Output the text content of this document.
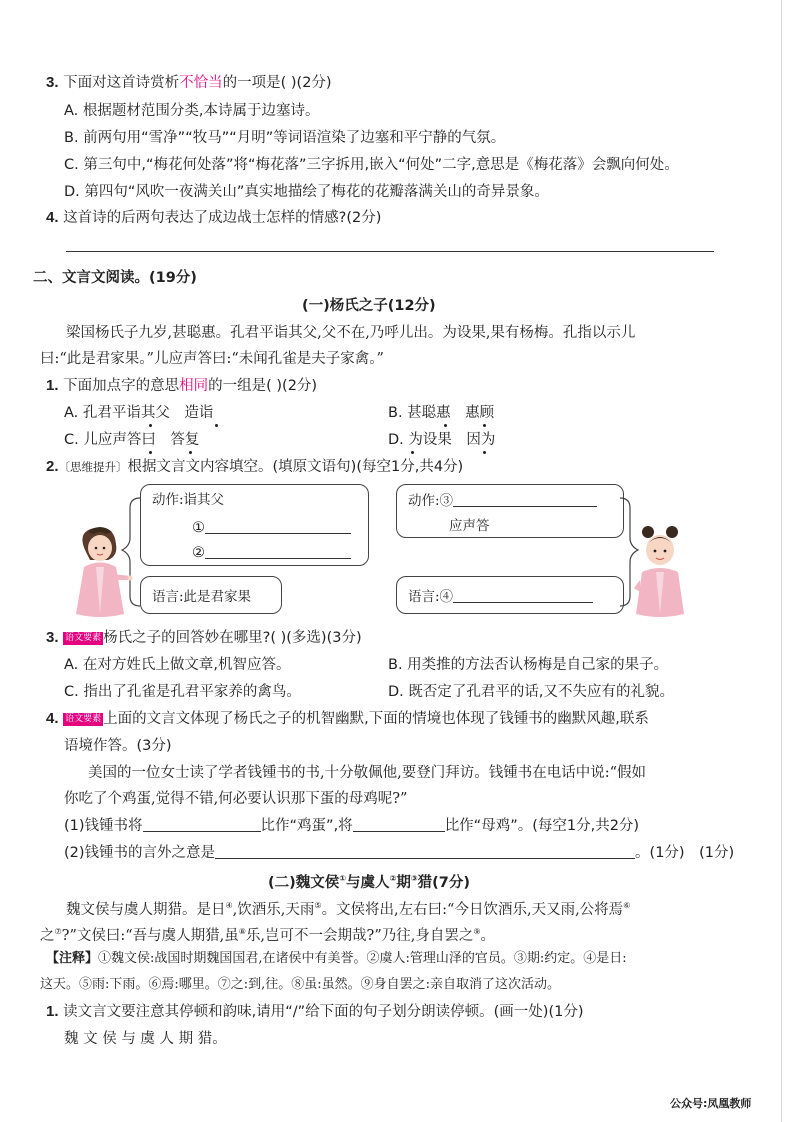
3. 下面对这首诗赏析不恰当的一项是( )(2分)
A. 根据题材范围分类,本诗属于边塞诗。
B. 前两句用“雪净”“牧马”“月明”等词语渲染了边塞和平宁静的气氛。
C. 第三句中,“梅花何处落”将“梅花落”三字拆用,嵌入“何处”二字,意思是《梅花落》会飘向何处。
D. 第四句“风吹一夜满关山”真实地描绘了梅花的花瓣落满关山的奇异景象。
4. 这首诗的后两句表达了成边战士怎样的情感?(2分)
二、文言文阅读。(19分)
(一)杨氏之子(12分)
梁国杨氏子九岁,甚聪惠。孔君平诣其父,父不在,乃呼儿出。为设果,果有杨梅。孔指以示儿
曰:“此是君家果。”儿应声答曰:“未闻孔雀是夫子家禽。”
1. 下面加点字的意思相同的一组是( )(2分)
A. 孔君平诣其父　造诣	B. 甚聪惠　惠顾
C. 儿应声答曰　答复	D. 为设果　因为
2.〔思维提升〕根据文言文内容填空。(填原文语句)(每空1分,共4分)
动作:诣其父
①
②
语言:此是君家果
动作:③
应声答
语言:④
3. 语文要素 杨氏之子的回答妙在哪里?( )(多选)(3分)
A. 在对方姓氏上做文章,机智应答。	B. 用类推的方法否认杨梅是自己家的果子。
C. 指出了孔雀是孔君平家养的禽鸟。	D. 既否定了孔君平的话,又不失应有的礼貌。
4. 语文要素 上面的文言文体现了杨氏之子的机智幽默,下面的情境也体现了钱锺书的幽默风趣,联系
语境作答。(3分)
美国的一位女士读了学者钱锺书的书,十分敬佩他,要登门拜访。钱锺书在电话中说:“假如
你吃了个鸡蛋,觉得不错,何必要认识那下蛋的母鸡呢?”
(1)钱锺书将	比作“鸡蛋”,将	比作“母鸡”。(每空1分,共2分)
(2)钱锺书的言外之意是	。(1分)　(1分)
(二)魏文侯①与虞人②期③猎(7分)
魏文侯与虞人期猎。是日④,饮酒乐,天雨⑤。文侯将出,左右曰:“今日饮酒乐,天又雨,公将焉⑥
之⑦?”文侯曰:“吾与虞人期猎,虽⑧乐,岂可不一会期哉?”乃往,身自罢之⑨。
【注释】①魏文侯:战国时期魏国国君,在诸侯中有美誉。②虞人:管理山泽的官员。③期:约定。④是日:
这天。⑤雨:下雨。⑥焉:哪里。⑦之:到,往。⑧虽:虽然。⑨身自罢之:亲自取消了这次活动。
1. 读文言文要注意其停顿和韵味,请用“/”给下面的句子划分朗读停顿。(画一处)(1分)
魏 文 侯 与 虞 人 期 猎。
公众号:凤凰教师
